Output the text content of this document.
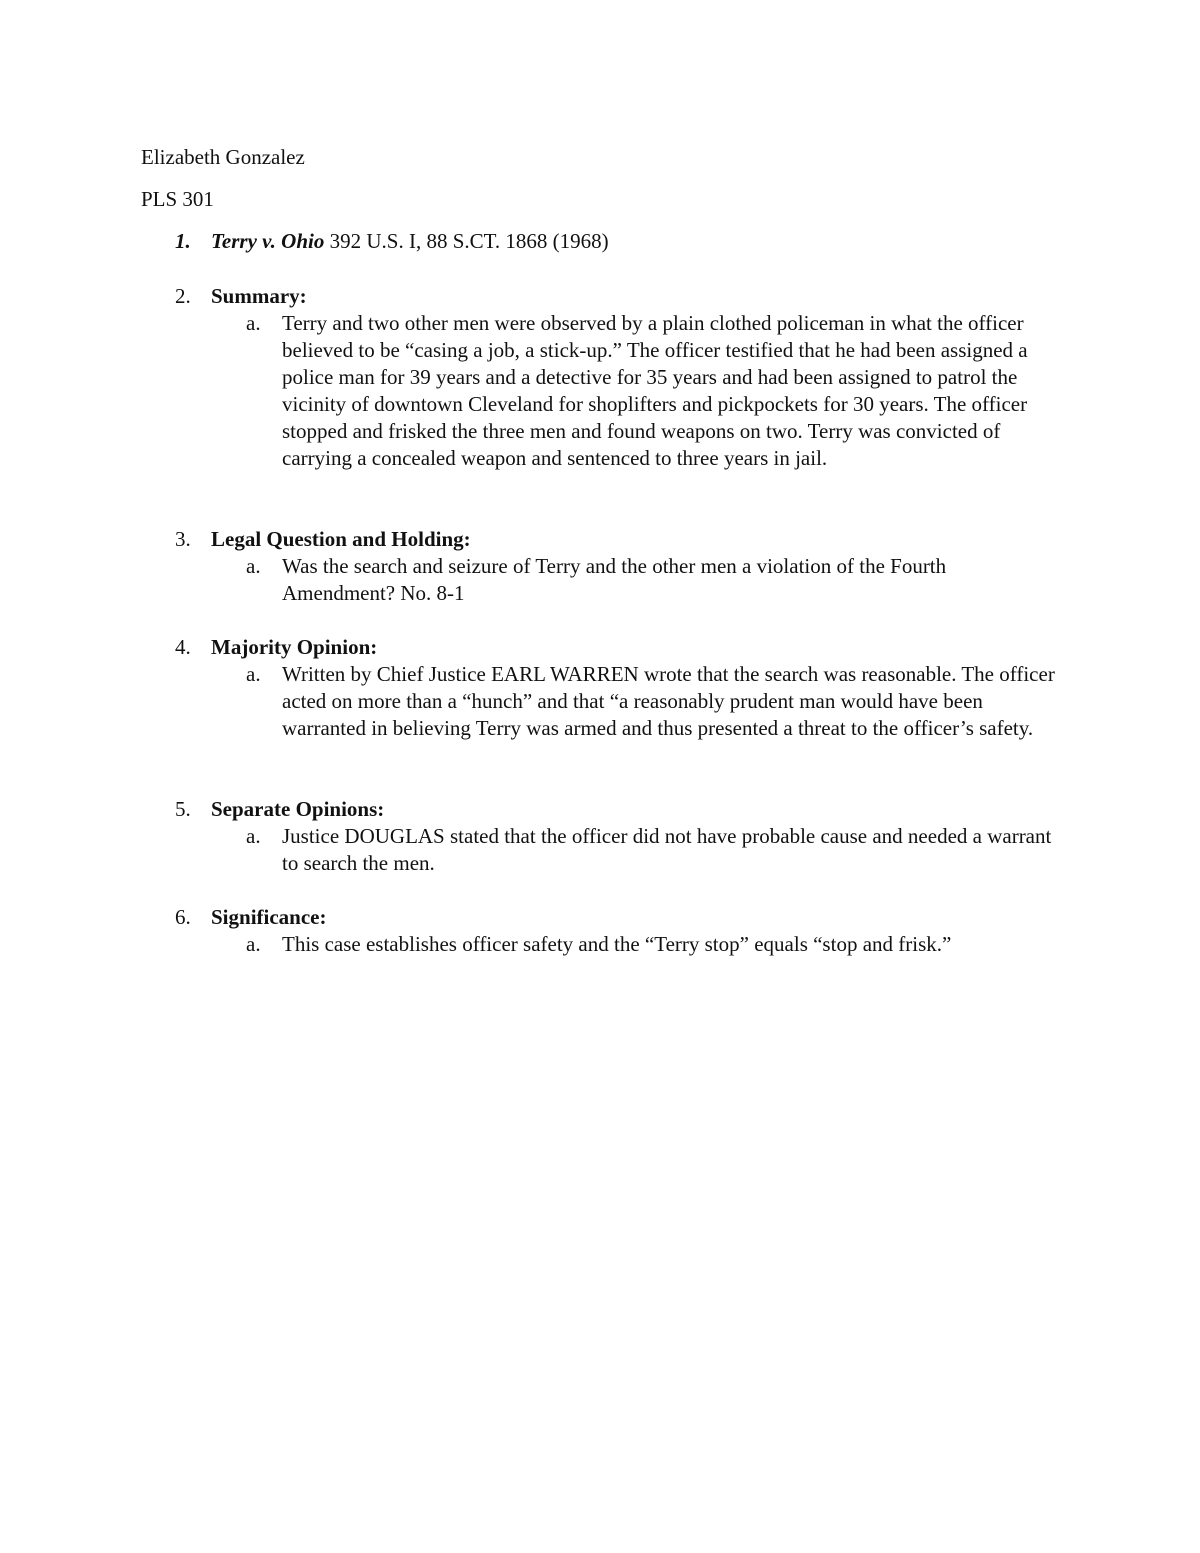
Elizabeth Gonzalez
PLS 301
1. Terry v. Ohio 392 U.S. I, 88 S.CT. 1868 (1968)
2. Summary:
a. Terry and two other men were observed by a plain clothed policeman in what the officer believed to be “casing a job, a stick-up.” The officer testified that he had been assigned a police man for 39 years and a detective for 35 years and had been assigned to patrol the vicinity of downtown Cleveland for shoplifters and pickpockets for 30 years. The officer stopped and frisked the three men and found weapons on two. Terry was convicted of carrying a concealed weapon and sentenced to three years in jail.
3. Legal Question and Holding:
a. Was the search and seizure of Terry and the other men a violation of the Fourth Amendment? No. 8-1
4. Majority Opinion:
a. Written by Chief Justice EARL WARREN wrote that the search was reasonable. The officer acted on more than a “hunch” and that “a reasonably prudent man would have been warranted in believing Terry was armed and thus presented a threat to the officer’s safety.
5. Separate Opinions:
a. Justice DOUGLAS stated that the officer did not have probable cause and needed a warrant to search the men.
6. Significance:
a. This case establishes officer safety and the “Terry stop” equals “stop and frisk.”
